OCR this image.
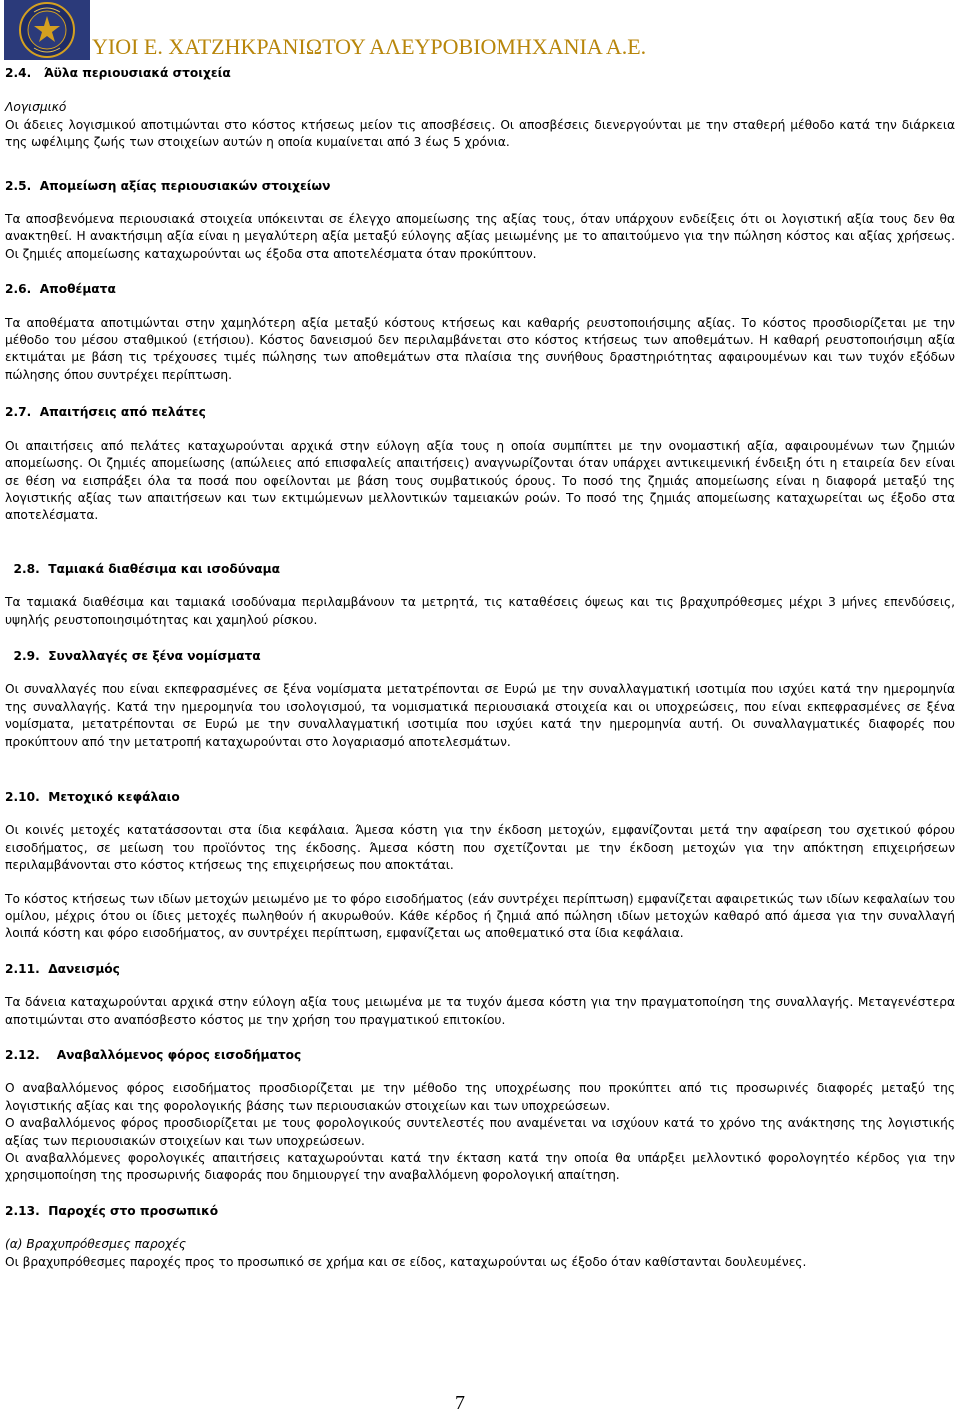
ΥΙΟΙ Ε. ΧΑΤΖΗΚΡΑΝΙΩΤΟΥ ΑΛΕΥΡΟΒΙΟΜΗΧΑΝΙΑ Α.Ε.

2.4. Άϋλα περιουσιακά στοιχεία

Λογισμικό

Οι άδειες λογισμικού αποτιμώνται στο κόστος κτήσεως μείον τις αποσβέσεις. Οι αποσβέσεις διενεργούνται με την σταθερή μέθοδο κατά την διάρκεια της ωφέλιμης ζωής των στοιχείων αυτών η οποία κυμαίνεται από 3 έως 5 χρόνια.

2.5. Απομείωση αξίας περιουσιακών στοιχείων

Τα αποσβενόμενα περιουσιακά στοιχεία υπόκεινται σε έλεγχο απομείωσης της αξίας τους, όταν υπάρχουν ενδείξεις ότι οι λογιστική αξία τους δεν θα ανακτηθεί. Η ανακτήσιμη αξία είναι η μεγαλύτερη αξία μεταξύ εύλογης αξίας μειωμένης με το απαιτούμενο για την πώληση κόστος και αξίας χρήσεως. Οι ζημιές απομείωσης καταχωρούνται ως έξοδα στα αποτελέσματα όταν προκύπτουν.

2.6. Αποθέματα

Τα αποθέματα αποτιμώνται στην χαμηλότερη αξία μεταξύ κόστους κτήσεως και καθαρής ρευστοποιήσιμης αξίας. Το κόστος προσδιορίζεται με την μέθοδο του μέσου σταθμικού (ετήσιου). Κόστος δανεισμού δεν περιλαμβάνεται στο κόστος κτήσεως των αποθεμάτων. Η καθαρή ρευστοποιήσιμη αξία εκτιμάται με βάση τις τρέχουσες τιμές πώλησης των αποθεμάτων στα πλαίσια της συνήθους δραστηριότητας αφαιρουμένων και των τυχόν εξόδων πώλησης όπου συντρέχει περίπτωση.

2.7. Απαιτήσεις από πελάτες

Οι απαιτήσεις από πελάτες καταχωρούνται αρχικά στην εύλογη αξία τους η οποία συμπίπτει με την ονομαστική αξία, αφαιρουμένων των ζημιών απομείωσης. Οι ζημιές απομείωσης (απώλειες από επισφαλείς απαιτήσεις) αναγνωρίζονται όταν υπάρχει αντικειμενική ένδειξη ότι η εταιρεία δεν είναι σε θέση να εισπράξει όλα τα ποσά που οφείλονται με βάση τους συμβατικούς όρους. Το ποσό της ζημιάς απομείωσης είναι η διαφορά μεταξύ της λογιστικής αξίας των απαιτήσεων και των εκτιμώμενων μελλοντικών ταμειακών ροών. Το ποσό της ζημιάς απομείωσης καταχωρείται ως έξοδο στα αποτελέσματα.

2.8. Ταμιακά διαθέσιμα και ισοδύναμα

Τα ταμιακά διαθέσιμα και ταμιακά ισοδύναμα περιλαμβάνουν τα μετρητά, τις καταθέσεις όψεως και τις βραχυπρόθεσμες μέχρι 3 μήνες επενδύσεις, υψηλής ρευστοποιησιμότητας και χαμηλού ρίσκου.

2.9. Συναλλαγές σε ξένα νομίσματα

Οι συναλλαγές που είναι εκπεφρασμένες σε ξένα νομίσματα μετατρέπονται σε Ευρώ με την συναλλαγματική ισοτιμία που ισχύει κατά την ημερομηνία της συναλλαγής. Κατά την ημερομηνία του ισολογισμού, τα νομισματικά περιουσιακά στοιχεία και οι υποχρεώσεις, που είναι εκπεφρασμένες σε ξένα νομίσματα, μετατρέπονται σε Ευρώ με την συναλλαγματική ισοτιμία που ισχύει κατά την ημερομηνία αυτή. Οι συναλλαγματικές διαφορές που προκύπτουν από την μετατροπή καταχωρούνται στο λογαριασμό αποτελεσμάτων.

2.10. Μετοχικό κεφάλαιο

Οι κοινές μετοχές κατατάσσονται στα ίδια κεφάλαια. Άμεσα κόστη για την έκδοση μετοχών, εμφανίζονται μετά την αφαίρεση του σχετικού φόρου εισοδήματος, σε μείωση του προϊόντος της έκδοσης. Άμεσα κόστη που σχετίζονται με την έκδοση μετοχών για την απόκτηση επιχειρήσεων περιλαμβάνονται στο κόστος κτήσεως της επιχειρήσεως που αποκτάται.

Το κόστος κτήσεως των ιδίων μετοχών μειωμένο με το φόρο εισοδήματος (εάν συντρέχει περίπτωση) εμφανίζεται αφαιρετικώς των ιδίων κεφαλαίων του ομίλου, μέχρις ότου οι ίδιες μετοχές πωληθούν ή ακυρωθούν. Κάθε κέρδος ή ζημιά από πώληση ιδίων μετοχών καθαρό από άμεσα για την συναλλαγή λοιπά κόστη και φόρο εισοδήματος, αν συντρέχει περίπτωση, εμφανίζεται ως αποθεματικό στα ίδια κεφάλαια.

2.11. Δανεισμός

Τα δάνεια καταχωρούνται αρχικά στην εύλογη αξία τους μειωμένα με τα τυχόν άμεσα κόστη για την πραγματοποίηση της συναλλαγής. Μεταγενέστερα αποτιμώνται στο αναπόσβεστο κόστος με την χρήση του πραγματικού επιτοκίου.

2.12. Αναβαλλόμενος φόρος εισοδήματος

Ο αναβαλλόμενος φόρος εισοδήματος προσδιορίζεται με την μέθοδο της υποχρέωσης που προκύπτει από τις προσωρινές διαφορές μεταξύ της λογιστικής αξίας και της φορολογικής βάσης των περιουσιακών στοιχείων και των υποχρεώσεων.

Ο αναβαλλόμενος φόρος προσδιορίζεται με τους φορολογικούς συντελεστές που αναμένεται να ισχύουν κατά το χρόνο της ανάκτησης της λογιστικής αξίας των περιουσιακών στοιχείων και των υποχρεώσεων.

Οι αναβαλλόμενες φορολογικές απαιτήσεις καταχωρούνται κατά την έκταση κατά την οποία θα υπάρξει μελλοντικό φορολογητέο κέρδος για την χρησιμοποίηση της προσωρινής διαφοράς που δημιουργεί την αναβαλλόμενη φορολογική απαίτηση.

2.13. Παροχές στο προσωπικό

(α) Βραχυπρόθεσμες παροχές

Οι βραχυπρόθεσμες παροχές προς το προσωπικό σε χρήμα και σε είδος, καταχωρούνται ως έξοδο όταν καθίστανται δουλευμένες.

7
